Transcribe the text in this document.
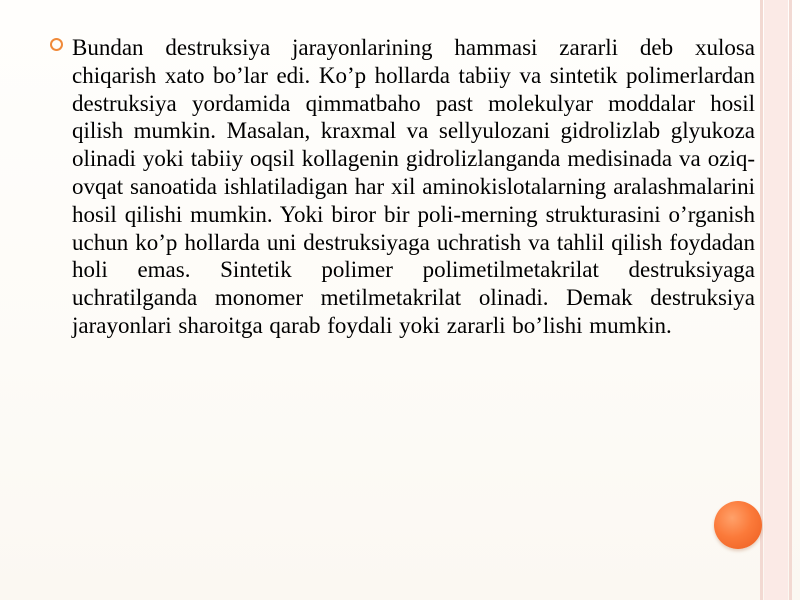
Bundan destruksiya jarayonlarining hammasi zararli deb xulosa chiqarish xato bo’lar edi. Ko’p hollarda tabiiy va sintetik polimerlardan destruksiya yordamida qimmatbaho past molekulyar moddalar hosil qilish mumkin. Masalan, kraxmal va sellyulozani gidrolizlab glyukoza olinadi yoki tabiiy oqsil kollagenin gidrolizlanganda medisinada va oziq-ovqat sanoatida ishlatiladigan har xil aminokislotalarning aralashmalarini hosil qilishi mumkin. Yoki biror bir poli-merning strukturasini o’rganish uchun ko’p hollarda uni destruksiyaga uchratish va tahlil qilish foydadan holi emas. Sintetik polimer polimetilmetakrilat destruksiyaga uchratilganda monomer metilmetakrilat olinadi. Demak destruksiya jarayonlari sharoitga qarab foydali yoki zararli bo’lishi mumkin.
